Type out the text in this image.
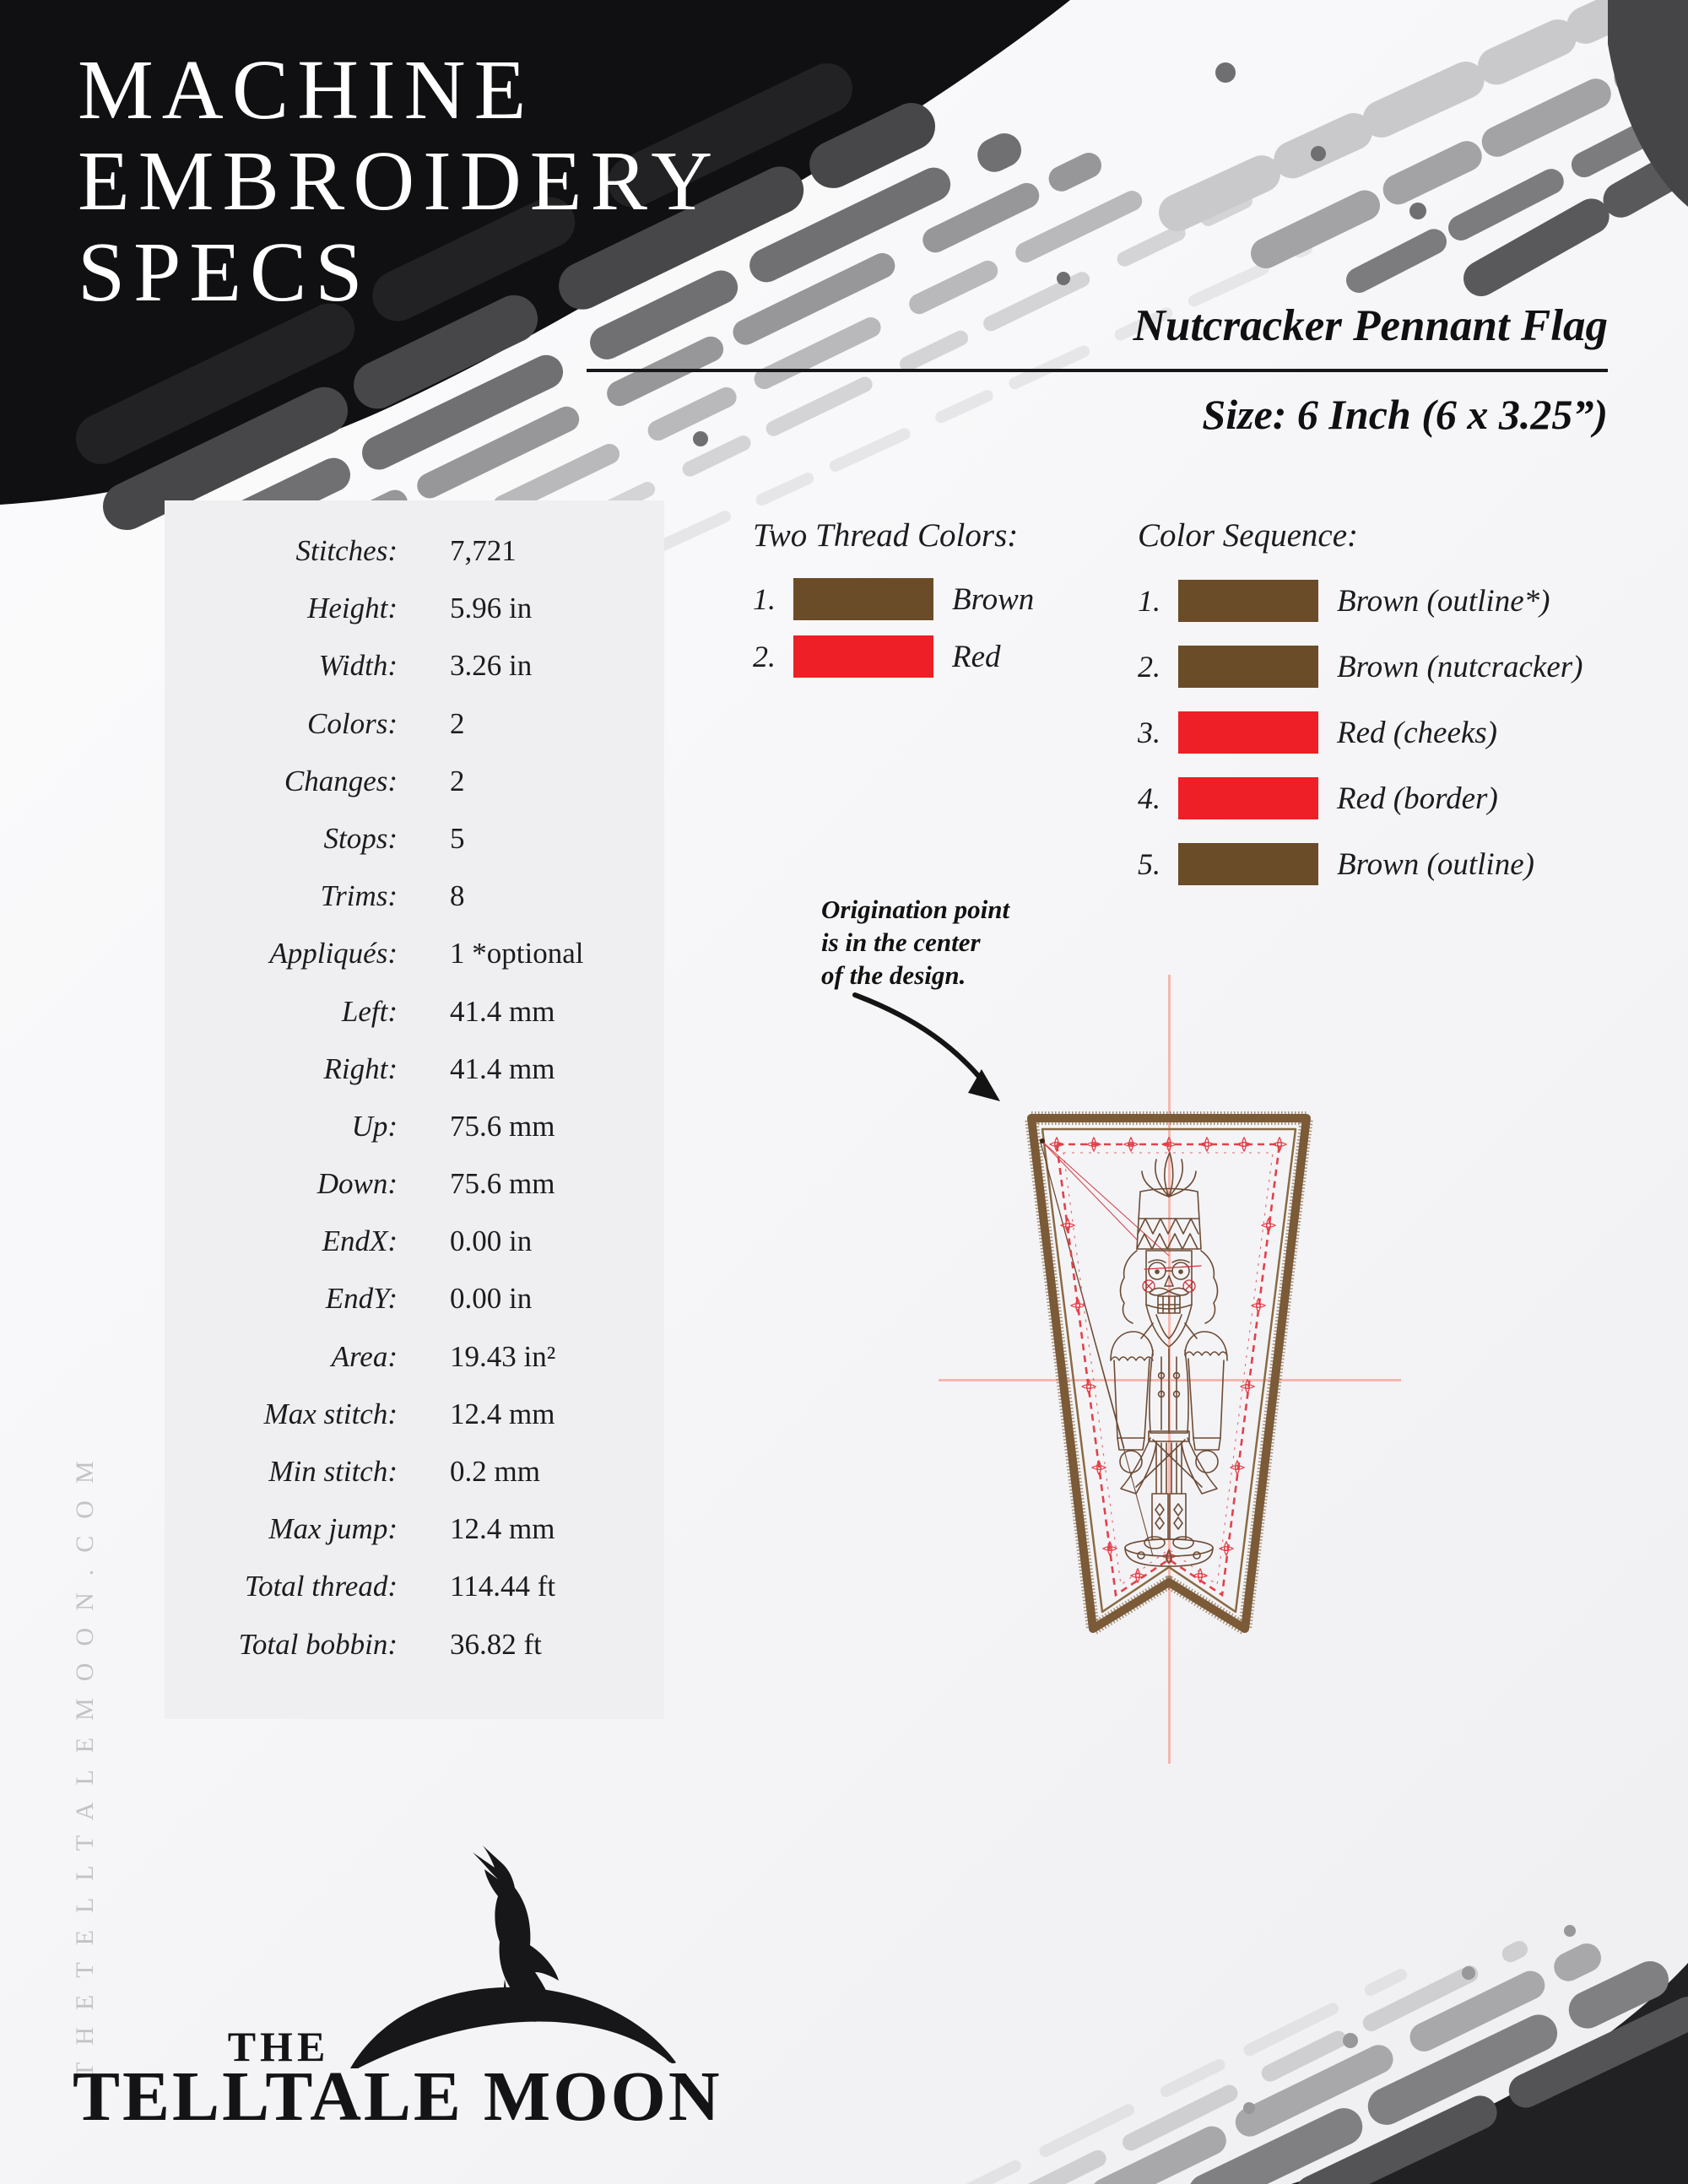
MACHINE
EMBROIDERY
SPECS
Nutcracker Pennant Flag
Size: 6 Inch (6 x 3.25”)
Stitches: 7,721
Height: 5.96 in
Width: 3.26 in
Colors: 2
Changes: 2
Stops: 5
Trims: 8
Appliqués: 1 *optional
Left: 41.4 mm
Right: 41.4 mm
Up: 75.6 mm
Down: 75.6 mm
EndX: 0.00 in
EndY: 0.00 in
Area: 19.43 in²
Max stitch: 12.4 mm
Min stitch: 0.2 mm
Max jump: 12.4 mm
Total thread: 114.44 ft
Total bobbin: 36.82 ft
Two Thread Colors:
1.	Brown
2.	Red
Color Sequence:
1.	Brown (outline*)
2.	Brown (nutcracker)
3.	Red (cheeks)
4.	Red (border)
5.	Brown (outline)
Origination point
is in the center
of the design.
THETELLTALEMOON.COM	THE
TELLTALE MOON
